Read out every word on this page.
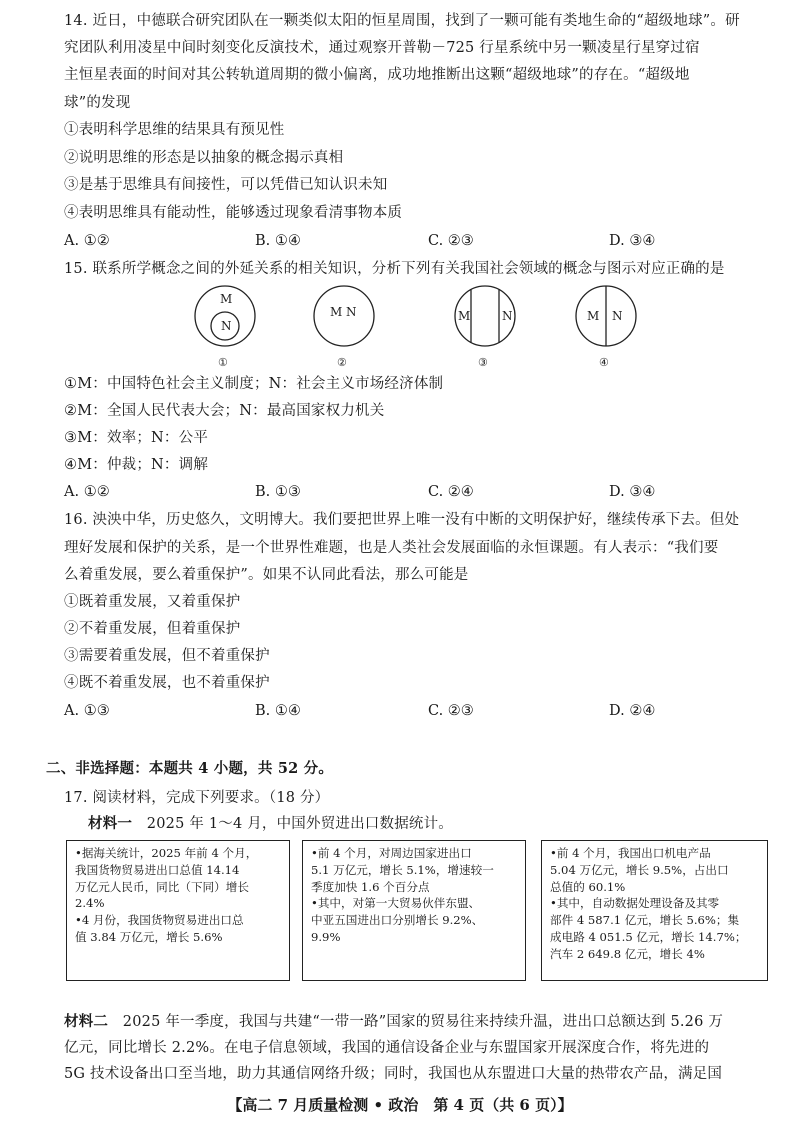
14. 近日，中德联合研究团队在一颗类似太阳的恒星周围，找到了一颗可能有类地生命的“超级地球”。研
究团队利用凌星中间时刻变化反演技术，通过观察开普勒－725 行星系统中另一颗凌星行星穿过宿
主恒星表面的时间对其公转轨道周期的微小偏离，成功地推断出这颗“超级地球”的存在。“超级地
球”的发现
①表明科学思维的结果具有预见性
②说明思维的形态是以抽象的概念揭示真相
③是基于思维具有间接性，可以凭借已知认识未知
④表明思维具有能动性，能够透过现象看清事物本质
A. ①②	B. ①④	C. ②③	D. ③④
15. 联系所学概念之间的外延关系的相关知识，分析下列有关我国社会领域的概念与图示对应正确的是
M
N
①
M N
②
M	N
③
M N
④
①M：中国特色社会主义制度；N：社会主义市场经济体制
②M：全国人民代表大会；N：最高国家权力机关
③M：效率；N：公平
④M：仲裁；N：调解
A. ①②	B. ①③	C. ②④	D. ③④
16. 泱泱中华，历史悠久，文明博大。我们要把世界上唯一没有中断的文明保护好，继续传承下去。但处
理好发展和保护的关系，是一个世界性难题，也是人类社会发展面临的永恒课题。有人表示：“我们要
么着重发展，要么着重保护”。如果不认同此看法，那么可能是
①既着重发展，又着重保护
②不着重发展，但着重保护
③需要着重发展，但不着重保护
④既不着重发展，也不着重保护
A. ①③	B. ①④	C. ②③	D. ②④
二、非选择题：本题共 4 小题，共 52 分。
17. 阅读材料，完成下列要求。（18 分）
材料一　2025 年 1～4 月，中国外贸进出口数据统计。
•据海关统计，2025 年前 4 个月，
我国货物贸易进出口总值 14.14
万亿元人民币，同比（下同）增长
2.4%
•4 月份，我国货物贸易进出口总
值 3.84 万亿元，增长 5.6%
•前 4 个月，对周边国家进出口
5.1 万亿元，增长 5.1%，增速较一
季度加快 1.6 个百分点
•其中，对第一大贸易伙伴东盟、
中亚五国进出口分别增长 9.2%、
9.9%
•前 4 个月，我国出口机电产品
5.04 万亿元，增长 9.5%，占出口
总值的 60.1%
•其中，自动数据处理设备及其零
部件 4 587.1 亿元，增长 5.6%；集
成电路 4 051.5 亿元，增长 14.7%；
汽车 2 649.8 亿元，增长 4%
材料二　2025 年一季度，我国与共建“一带一路”国家的贸易往来持续升温，进出口总额达到 5.26 万
亿元，同比增长 2.2%。在电子信息领域，我国的通信设备企业与东盟国家开展深度合作，将先进的
5G 技术设备出口至当地，助力其通信网络升级；同时，我国也从东盟进口大量的热带农产品，满足国
【高二 7 月质量检测 • 政治　第 4 页（共 6 页）】
